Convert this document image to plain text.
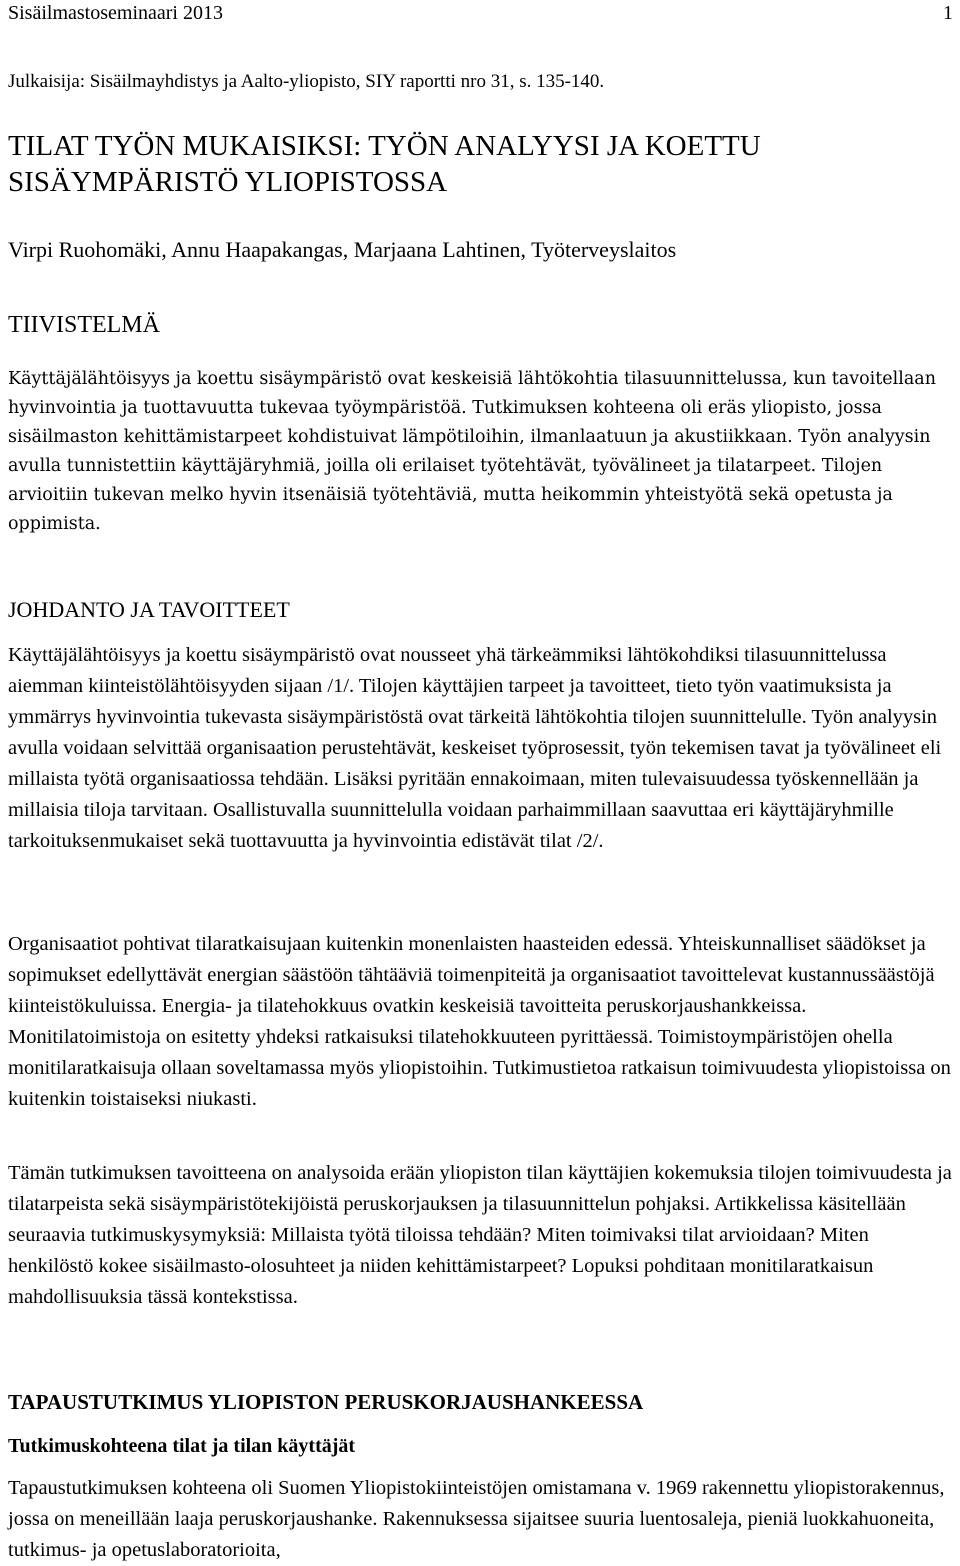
Sisäilmastoseminaari 2013	1
Julkaisija: Sisäilmayhdistys ja Aalto-yliopisto, SIY raportti nro 31, s. 135-140.
TILAT TYÖN MUKAISIKSI: TYÖN ANALYYSI JA KOETTU SISÄYMPÄRISTÖ YLIOPISTOSSA
Virpi Ruohomäki, Annu Haapakangas, Marjaana Lahtinen, Työterveyslaitos
TIIVISTELMÄ

Käyttäjälähtöisyys ja koettu sisäympäristö ovat keskeisiä lähtökohtia tilasuunnittelussa, kun tavoitellaan hyvinvointia ja tuottavuutta tukevaa työympäristöä. Tutkimuksen kohteena oli eräs yliopisto, jossa sisäilmaston kehittämistarpeet kohdistuivat lämpötiloihin, ilmanlaatuun ja akustiikkaan. Työn analyysin avulla tunnistettiin käyttäjäryhmiä, joilla oli erilaiset työtehtävät, työvälineet ja tilatarpeet. Tilojen arvioitiin tukevan melko hyvin itsenäisiä työtehtäviä, mutta heikommin yhteistyötä sekä opetusta ja oppimista.

JOHDANTO JA TAVOITTEET

Käyttäjälähtöisyys ja koettu sisäympäristö ovat nousseet yhä tärkeämmiksi lähtökohdiksi tilasuunnittelussa aiemman kiinteistölähtöisyyden sijaan /1/. Tilojen käyttäjien tarpeet ja tavoitteet, tieto työn vaatimuksista ja ymmärrys hyvinvointia tukevasta sisäympäristöstä ovat tärkeitä lähtökohtia tilojen suunnittelulle. Työn analyysin avulla voidaan selvittää organisaation perustehtävät, keskeiset työprosessit, työn tekemisen tavat ja työvälineet eli millaista työtä organisaatiossa tehdään. Lisäksi pyritään ennakoimaan, miten tulevaisuudessa työskennellään ja millaisia tiloja tarvitaan. Osallistuvalla suunnittelulla voidaan parhaimmillaan saavuttaa eri käyttäjäryhmille tarkoituksenmukaiset sekä tuottavuutta ja hyvinvointia edistävät tilat /2/.

Organisaatiot pohtivat tilaratkaisujaan kuitenkin monenlaisten haasteiden edessä. Yhteiskunnalliset säädökset ja sopimukset edellyttävät energian säästöön tähtääviä toimenpiteitä ja organisaatiot tavoittelevat kustannussäästöjä kiinteistökuluissa. Energia- ja tilatehokkuus ovatkin keskeisiä tavoitteita peruskorjaushankkeissa. Monitilatoimistoja on esitetty yhdeksi ratkaisuksi tilatehokkuuteen pyrittäessä. Toimistoympäristöjen ohella monitilaratkaisuja ollaan soveltamassa myös yliopistoihin. Tutkimustietoa ratkaisun toimivuudesta yliopistoissa on kuitenkin toistaiseksi niukasti.

Tämän tutkimuksen tavoitteena on analysoida erään yliopiston tilan käyttäjien kokemuksia tilojen toimivuudesta ja tilatarpeista sekä sisäympäristötekijöistä peruskorjauksen ja tilasuunnittelun pohjaksi. Artikkelissa käsitellään seuraavia tutkimuskysymyksiä: Millaista työtä tiloissa tehdään? Miten toimivaksi tilat arvioidaan? Miten henkilöstö kokee sisäilmasto-olosuhteet ja niiden kehittämistarpeet? Lopuksi pohditaan monitilaratkaisun mahdollisuuksia tässä kontekstissa.

TAPAUSTUTKIMUS YLIOPISTON PERUSKORJAUSHANKEESSA
Tutkimuskohteena tilat ja tilan käyttäjät

Tapaustutkimuksen kohteena oli Suomen Yliopistokiinteistöjen omistamana v. 1969 rakennettu yliopistorakennus, jossa on meneillään laaja peruskorjaushanke. Rakennuksessa sijaitsee suuria luentosaleja, pieniä luokkahuoneita, tutkimus- ja opetuslaboratorioita,
